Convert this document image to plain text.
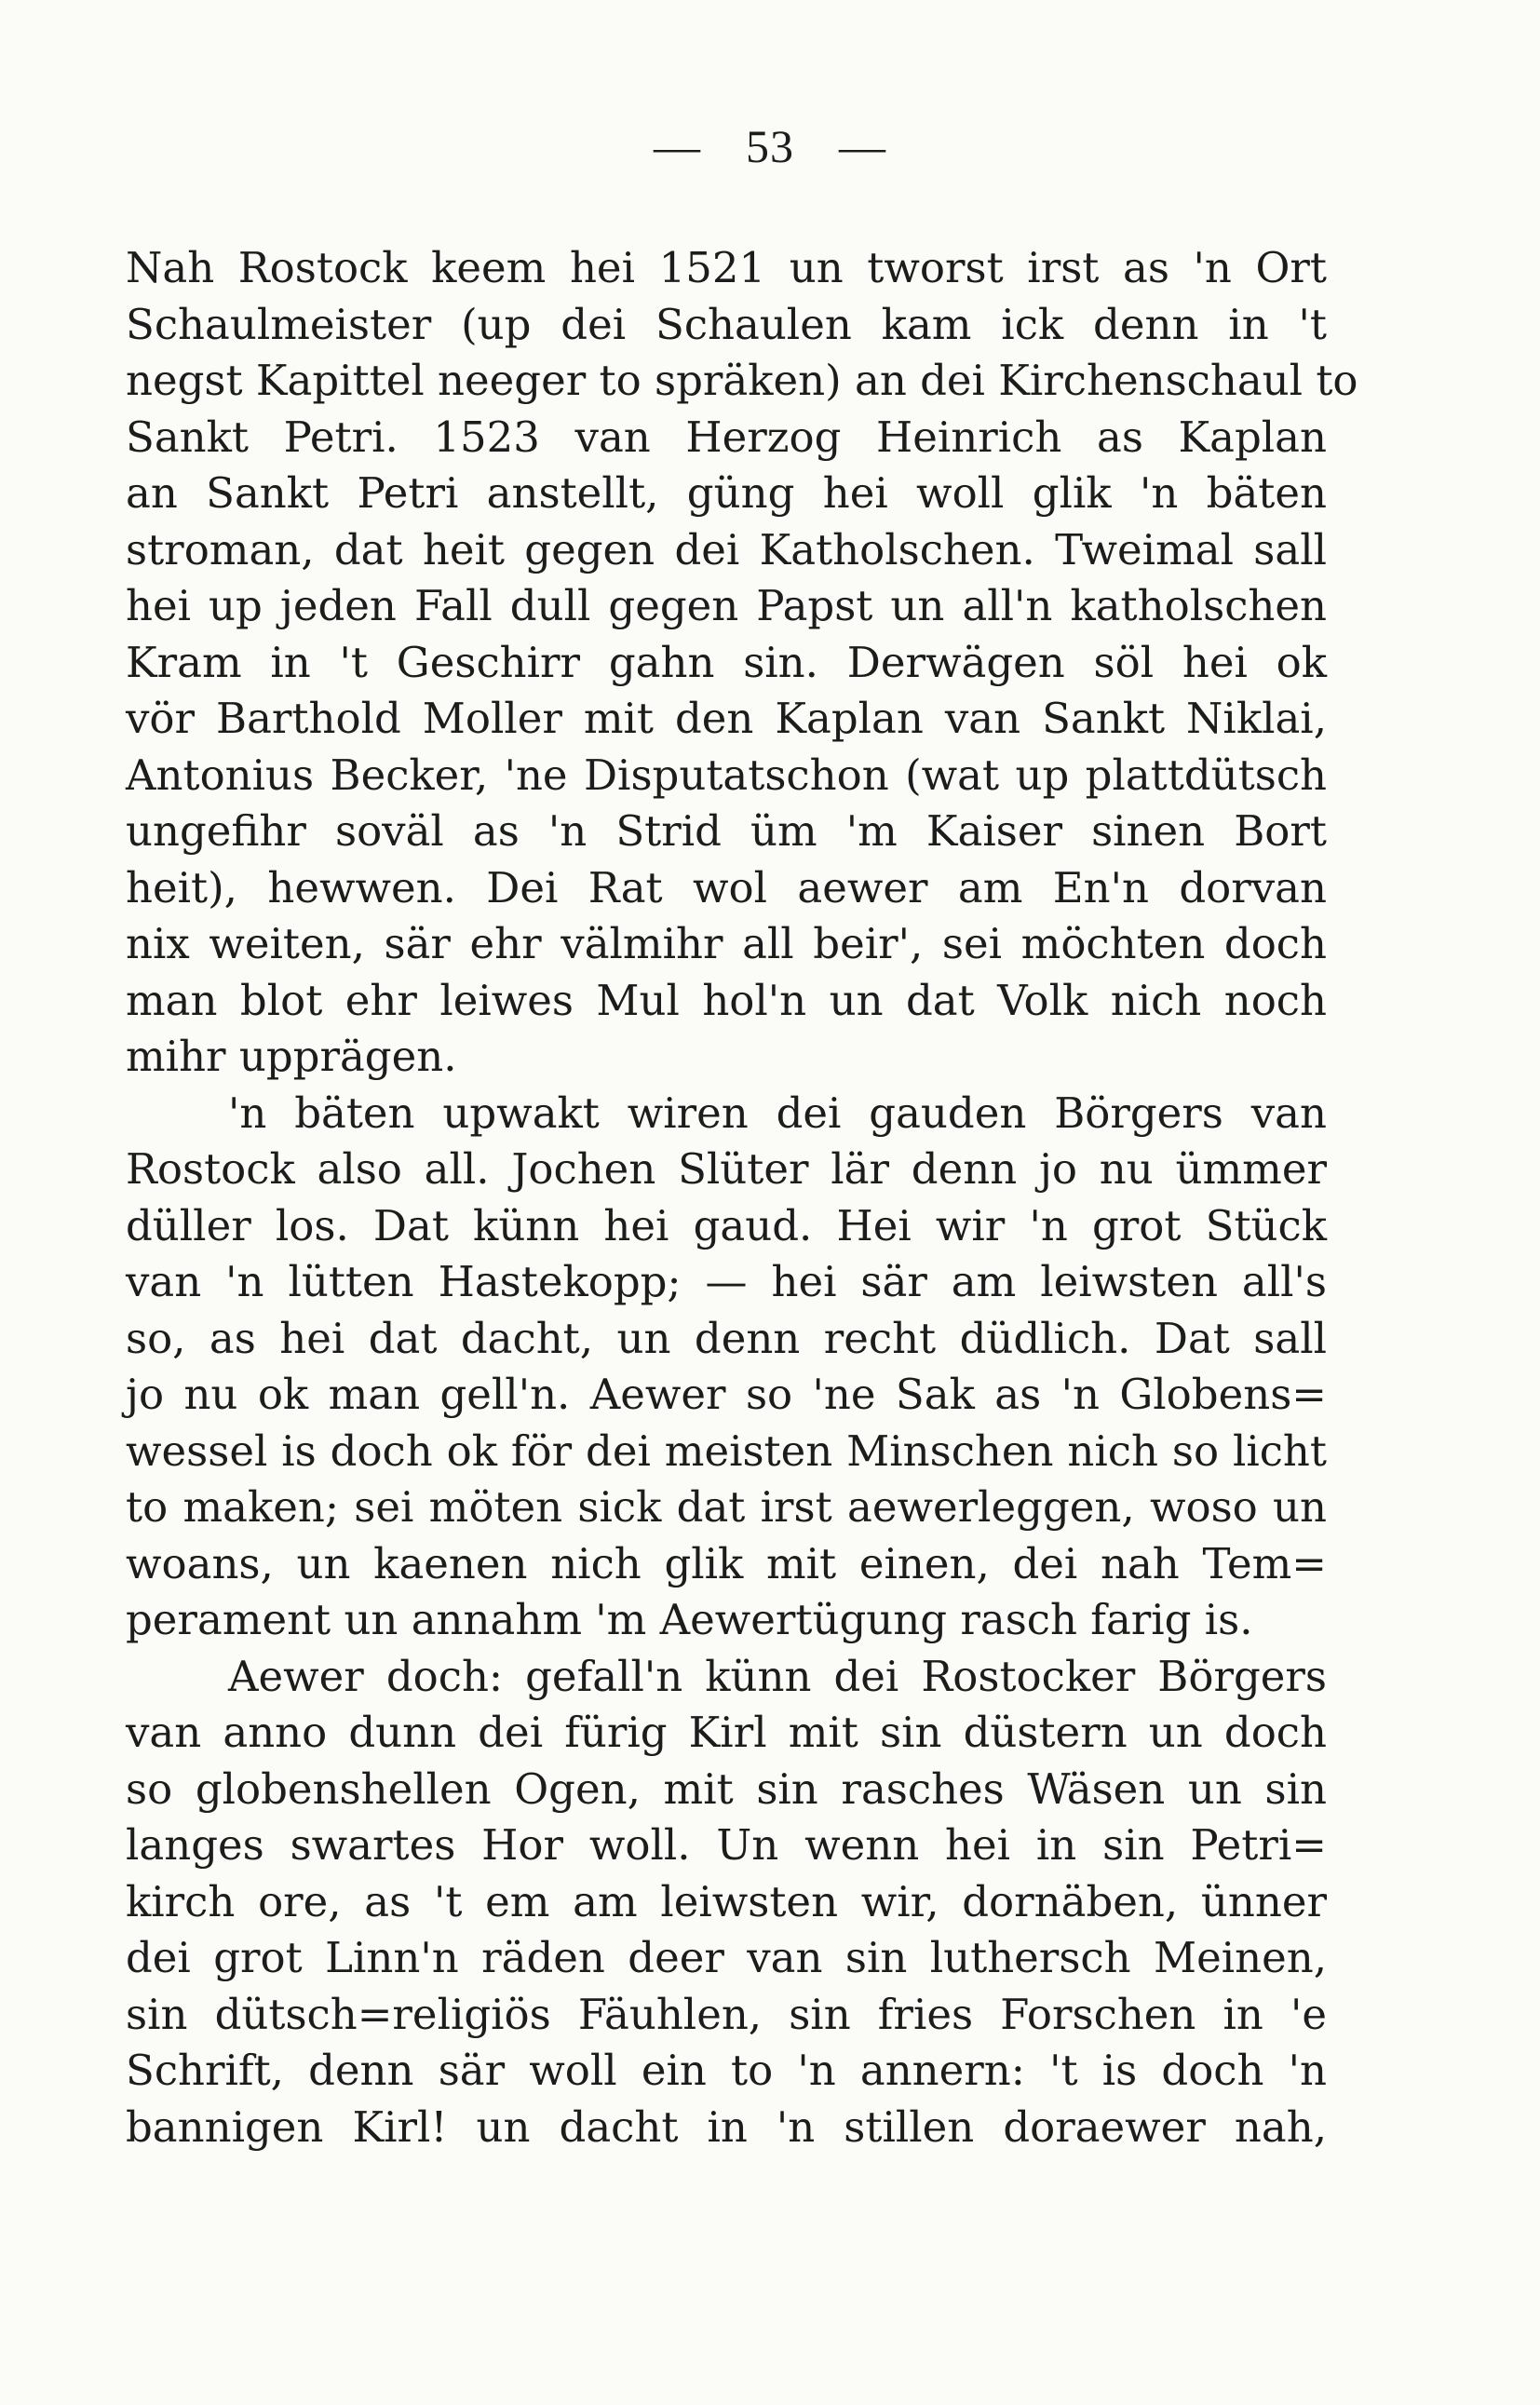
— 53 —
Nah Rostock keem hei 1521 un tworst irst as 'n Ort
Schaulmeister (up dei Schaulen kam ick denn in 't
negst Kapittel neeger to spräken) an dei Kirchenschaul to
Sankt Petri. 1523 van Herzog Heinrich as Kaplan
an Sankt Petri anstellt, güng hei woll glik 'n bäten
stroman, dat heit gegen dei Katholschen. Tweimal sall
hei up jeden Fall dull gegen Papst un all'n katholschen
Kram in 't Geschirr gahn sin. Derwägen söl hei ok
vör Barthold Moller mit den Kaplan van Sankt Niklai,
Antonius Becker, 'ne Disputatschon (wat up plattdütsch
ungefihr soväl as 'n Strid üm 'm Kaiser sinen Bort
heit), hewwen. Dei Rat wol aewer am En'n dorvan
nix weiten, sär ehr välmihr all beir', sei möchten doch
man blot ehr leiwes Mul hol'n un dat Volk nich noch
mihr upprägen.
'n bäten upwakt wiren dei gauden Börgers van
Rostock also all. Jochen Slüter lär denn jo nu ümmer
düller los. Dat künn hei gaud. Hei wir 'n grot Stück
van 'n lütten Hastekopp; — hei sär am leiwsten all's
so, as hei dat dacht, un denn recht düdlich. Dat sall
jo nu ok man gell'n. Aewer so 'ne Sak as 'n Globens=
wessel is doch ok för dei meisten Minschen nich so licht
to maken; sei möten sick dat irst aewerleggen, woso un
woans, un kaenen nich glik mit einen, dei nah Tem=
perament un annahm 'm Aewertügung rasch farig is.
Aewer doch: gefall'n künn dei Rostocker Börgers
van anno dunn dei fürig Kirl mit sin düstern un doch
so globenshellen Ogen, mit sin rasches Wäsen un sin
langes swartes Hor woll. Un wenn hei in sin Petri=
kirch ore, as 't em am leiwsten wir, dornäben, ünner
dei grot Linn'n räden deer van sin luthersch Meinen,
sin dütsch=religiös Fäuhlen, sin fries Forschen in 'e
Schrift, denn sär woll ein to 'n annern: 't is doch 'n
bannigen Kirl! un dacht in 'n stillen doraewer nah,
